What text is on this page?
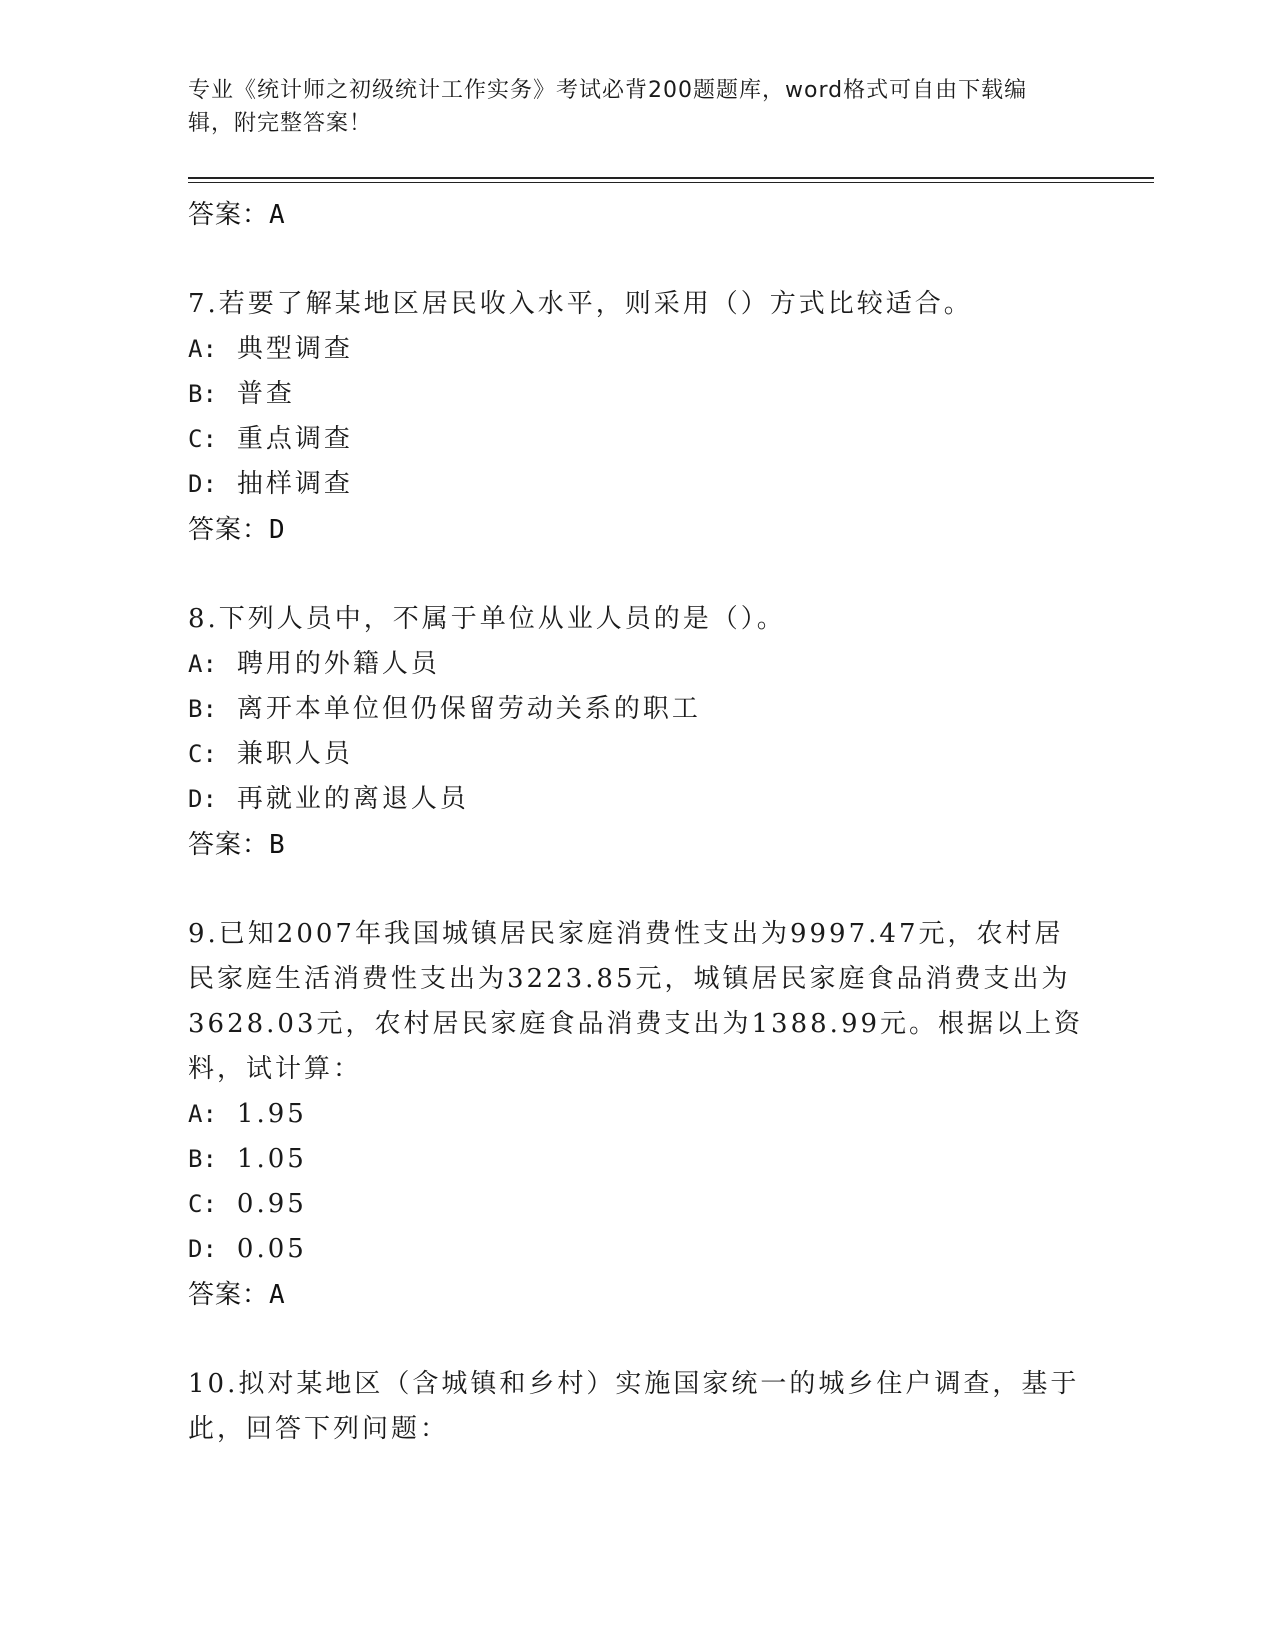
专业《统计师之初级统计工作实务》考试必背200题题库，word格式可自由下载编辑，附完整答案！
答案：A
7.若要了解某地区居民收入水平，则采用（）方式比较适合。
A: 典型调查
B: 普查
C: 重点调查
D: 抽样调查
答案：D
8.下列人员中，不属于单位从业人员的是（）。
A: 聘用的外籍人员
B: 离开本单位但仍保留劳动关系的职工
C: 兼职人员
D: 再就业的离退人员
答案：B
9.已知2007年我国城镇居民家庭消费性支出为9997.47元，农村居民家庭生活消费性支出为3223.85元，城镇居民家庭食品消费支出为3628.03元，农村居民家庭食品消费支出为1388.99元。根据以上资料，试计算：
A: 1.95
B: 1.05
C: 0.95
D: 0.05
答案：A
10.拟对某地区（含城镇和乡村）实施国家统一的城乡住户调查，基于此，回答下列问题：
